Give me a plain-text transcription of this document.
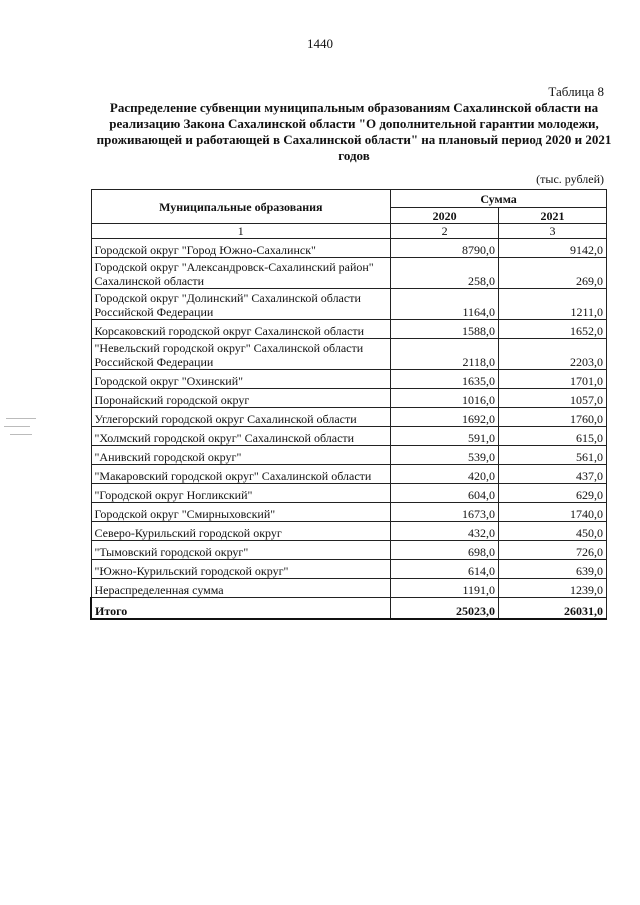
1440
Таблица 8
Распределение субвенции муниципальным образованиям Сахалинской области на реализацию Закона Сахалинской области "О дополнительной гарантии молодежи, проживающей и работающей в Сахалинской области" на плановый период 2020 и 2021 годов
(тыс. рублей)
Муниципальные образования	Сумма	
	2020	2021
1	2	3
Городской округ "Город Южно-Сахалинск"	8790,0	9142,0
Городской округ "Александровск-Сахалинский район" Сахалинской области	258,0	269,0
Городской округ "Долинский" Сахалинской области Российской Федерации	1164,0	1211,0
Корсаковский городской округ Сахалинской области	1588,0	1652,0
"Невельский городской округ" Сахалинской области Российской Федерации	2118,0	2203,0
Городской округ "Охинский"	1635,0	1701,0
Поронайский городской округ	1016,0	1057,0
Углегорский городской округ Сахалинской области	1692,0	1760,0
"Холмский городской округ" Сахалинской области	591,0	615,0
"Анивский городской округ"	539,0	561,0
"Макаровский городской округ" Сахалинской области	420,0	437,0
"Городской округ Ногликский"	604,0	629,0
Городской округ "Смирныховский"	1673,0	1740,0
Северо-Курильский городской округ	432,0	450,0
"Тымовский городской округ"	698,0	726,0
"Южно-Курильский городской округ"	614,0	639,0
Нераспределенная сумма	1191,0	1239,0
Итого	25023,0	26031,0
